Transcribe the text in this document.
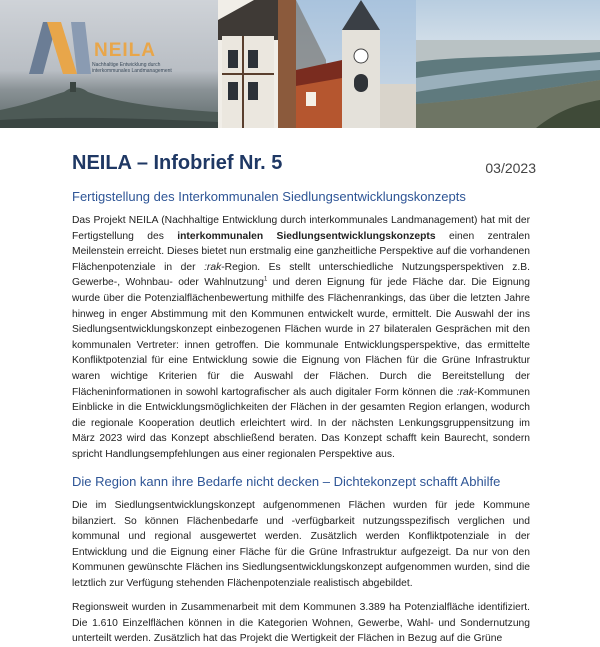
NEILA
Nachhaltige Entwicklung durch interkommunales Landmanagement
NEILA – Infobrief Nr. 5	03/2023
Fertigstellung des Interkommunalen Siedlungsentwicklungskonzepts

Das Projekt NEILA (Nachhaltige Entwicklung durch interkommunales Landmanagement) hat mit der Fertigstellung des interkommunalen Siedlungsentwicklungskonzepts einen zentralen Meilenstein erreicht. Dieses bietet nun erstmalig eine ganzheitliche Perspektive auf die vorhandenen Flächenpotenziale in der :rak-Region. Es stellt unterschiedliche Nutzungsperspektiven z.B. Gewerbe-, Wohnbau- oder Wahlnutzung$^1$ und deren Eignung für jede Fläche dar. Die Eignung wurde über die Potenzialflächenbewertung mithilfe des Flächenrankings, das über die letzten Jahre hinweg in enger Abstimmung mit den Kommunen entwickelt wurde, ermittelt. Die Auswahl der ins Siedlungsentwicklungskonzept einbezogenen Flächen wurde in 27 bilateralen Gesprächen mit den kommunalen Vertreter: innen getroffen. Die kommunale Entwicklungsperspektive, das ermittelte Konfliktpotenzial für eine Entwicklung sowie die Eignung von Flächen für die Grüne Infrastruktur waren wichtige Kriterien für die Auswahl der Flächen. Durch die Bereitstellung der Flächeninformationen in sowohl kartografischer als auch digitaler Form können die :rak-Kommunen Einblicke in die Entwicklungsmöglichkeiten der Flächen in der gesamten Region erlangen, wodurch die regionale Kooperation deutlich erleichtert wird. In der nächsten Lenkungsgruppensitzung im März 2023 wird das Konzept abschließend beraten. Das Konzept schafft kein Baurecht, sondern spricht Handlungsempfehlungen aus einer regionalen Perspektive aus.

Die Region kann ihre Bedarfe nicht decken – Dichtekonzept schafft Abhilfe

Die im Siedlungsentwicklungskonzept aufgenommenen Flächen wurden für jede Kommune bilanziert. So können Flächenbedarfe und -verfügbarkeit nutzungsspezifisch verglichen und kommunal und regional ausgewertet werden. Zusätzlich werden Konfliktpotenziale in der Entwicklung und die Eignung einer Fläche für die Grüne Infrastruktur aufgezeigt. Da nur von den Kommunen gewünschte Flächen ins Siedlungsentwicklungskonzept aufgenommen wurden, sind die letztlich zur Verfügung stehenden Flächenpotenziale realistisch abgebildet.

Regionsweit wurden in Zusammenarbeit mit dem Kommunen 3.389 ha Potenzialfläche identifiziert. Die 1.610 Einzelflächen können in die Kategorien Wohnen, Gewerbe, Wahl- und Sondernutzung unterteilt werden. Zusätzlich hat das Projekt die Wertigkeit der Flächen in Bezug auf die Grüne
